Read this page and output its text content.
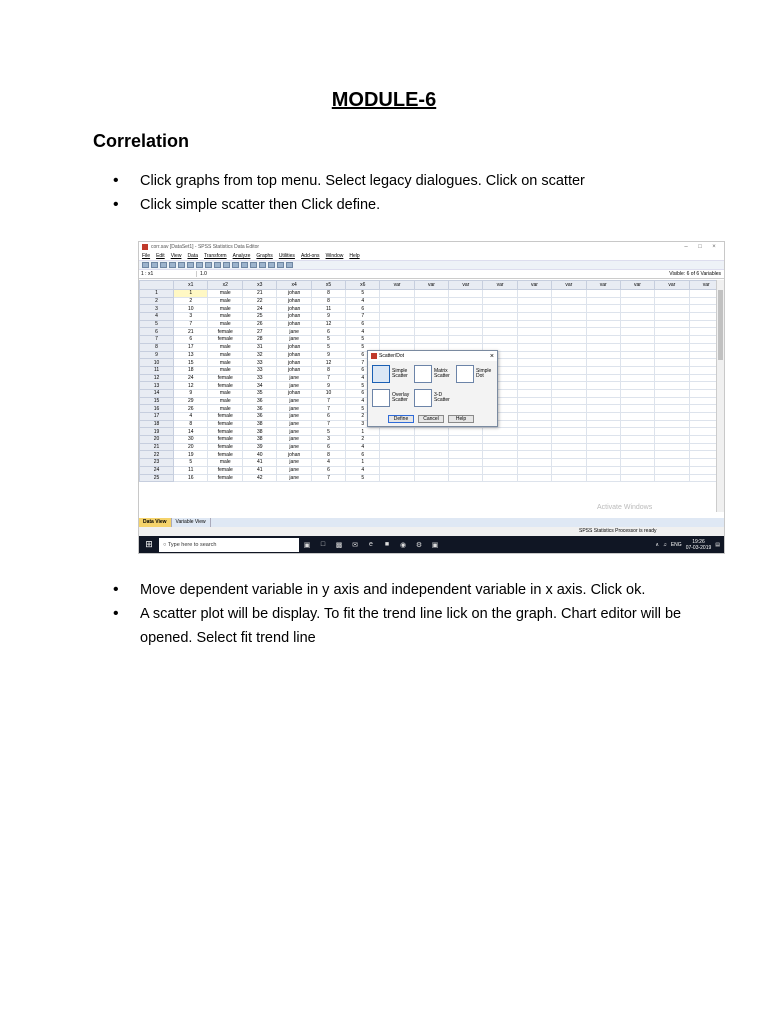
MODULE-6
Correlation
• Click graphs from top menu. Select legacy dialogues. Click on scatter
• Click simple scatter then Click define.
corr.sav [DataSet1] - SPSS Statistics Data Editor	–	□	×
File Edit View Data Transform Analyze Graphs Utilities Add-ons Window Help
1 : x1	1.0	Visible: 6 of 6 Variables
	x1	x2	x3	x4	x5	x6	var	var	var	var	var	var	var	var	var	var
1	1	male	21	johan	8	5										
2	2	male	22	johan	8	4										
3	10	male	24	johan	11	6										
4	3	male	25	johan	9	7										
5	7	male	26	johan	12	6										
6	21	female	27	jane	6	4										
7	6	female	28	jane	5	5										
8	17	male	31	johan	5	5										
9	13	male	32	johan	9	6										
10	15	male	33	johan	12	7										
11	18	male	33	johan	8	6										
12	24	female	33	jane	7	4										
13	12	female	34	jane	9	5										
14	9	male	35	johan	10	6										
15	29	male	36	jane	7	4										
16	26	male	36	jane	7	5										
17	4	female	36	jane	6	2										
18	8	female	38	jane	7	3										
19	14	female	38	jane	5	1										
20	30	female	38	jane	3	2										
21	20	female	39	jane	6	4										
22	19	female	40	johan	8	6										
23	5	male	41	jane	4	1										
24	11	female	41	jane	6	4										
25	16	female	42	jane	7	5										
Scatter/Dot	×
Simple
Scatter
Matrix
Scatter
Simple
Dot
Overlay
Scatter
3-D
Scatter
Define	Cancel	Help
Activate Windows
Data View	Variable View
SPSS Statistics Processor is ready
⊞	○ Type here to search	▣	□	▩	✉	e	■	◉	⚙	▣	∧ ♫ ENG	19:26
07-03-2019 ▤
• Move dependent variable in y axis and independent variable in x axis. Click ok.
• A scatter plot will be display. To fit the trend line lick on the graph. Chart editor will be opened. Select fit trend line
